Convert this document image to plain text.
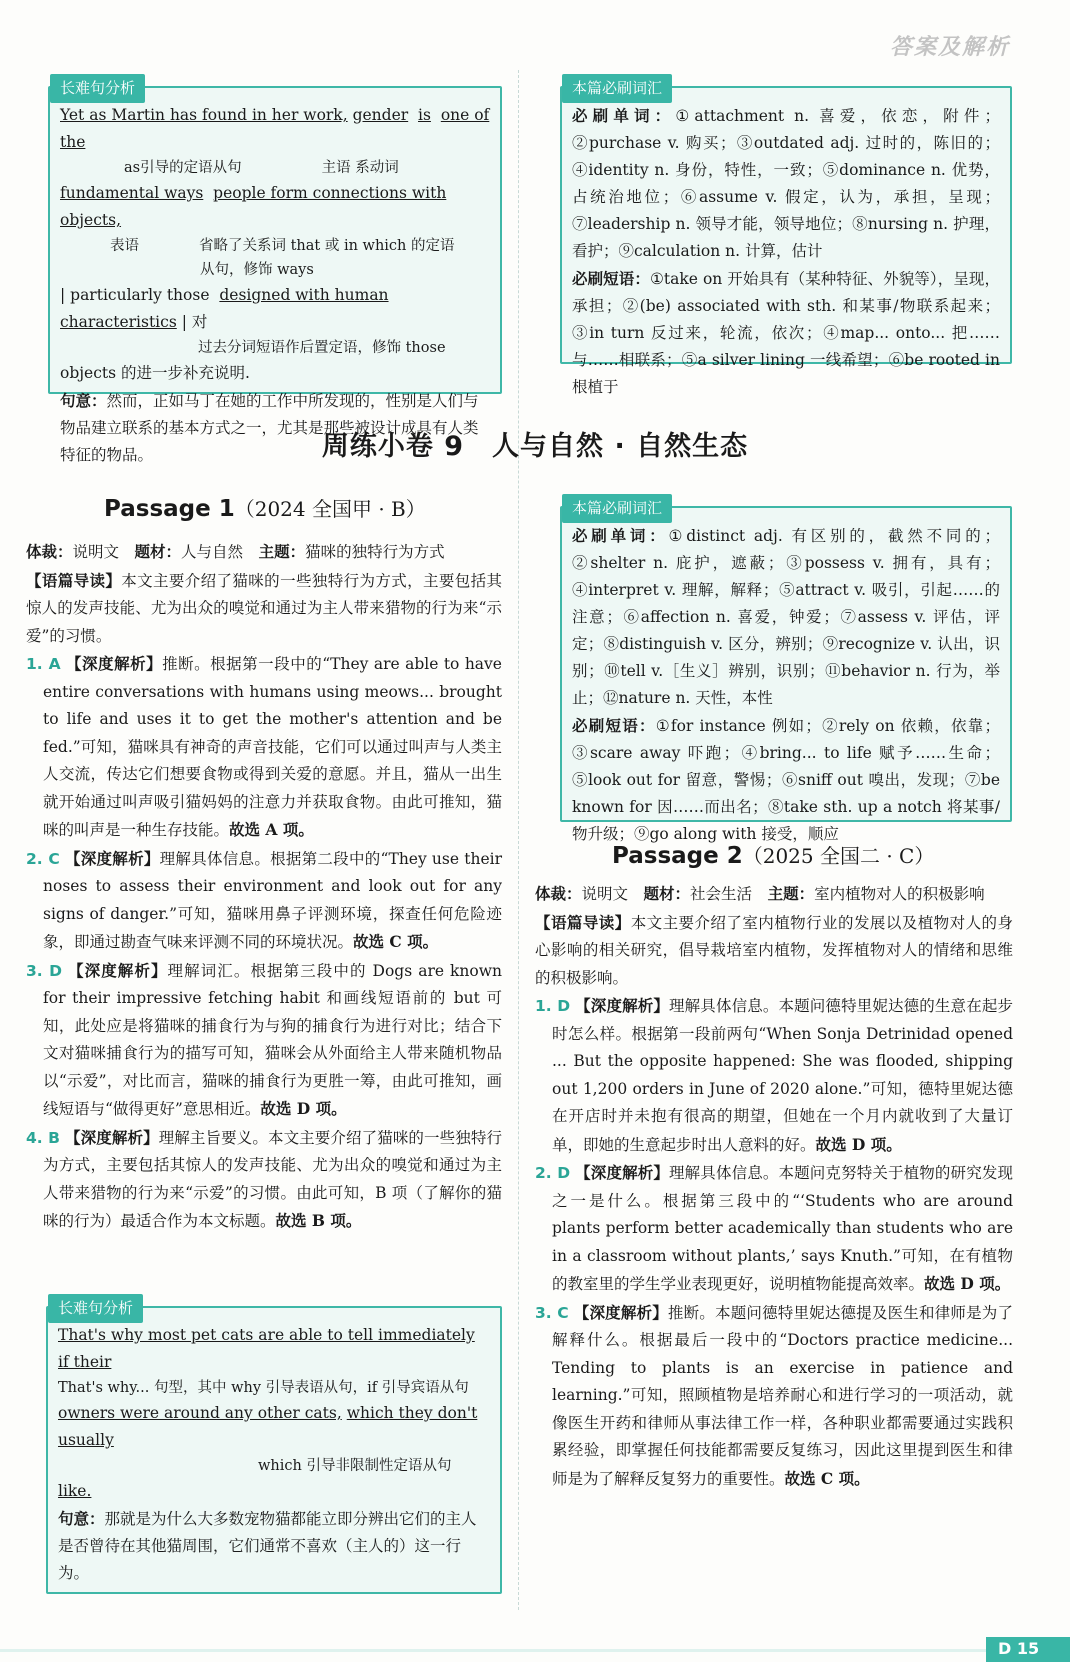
答案及解析
长难句分析

Yet as Martin has found in her work, gender is one of the

as引导的定语从句	主语 系动词

fundamental ways people form connections with objects,

表语	省略了关系词 that 或 in which 的定语

从句，修饰 ways

| particularly those designed with human characteristics | 对

过去分词短语作后置定语，修饰 those

objects 的进一步补充说明.

句意：然而，正如马丁在她的工作中所发现的，性别是人们与物品建立联系的基本方式之一，尤其是那些被设计成具有人类特征的物品。

本篇必刷词汇

必刷单词：①attachment n. 喜爱，依恋，附件；②purchase v. 购买；③outdated adj. 过时的，陈旧的；④identity n. 身份，特性，一致；⑤dominance n. 优势，占统治地位；⑥assume v. 假定，认为，承担，呈现；⑦leadership n. 领导才能，领导地位；⑧nursing n. 护理，看护；⑨calculation n. 计算，估计

必刷短语：①take on 开始具有（某种特征、外貌等），呈现，承担；②(be) associated with sth. 和某事/物联系起来；③in turn 反过来，轮流，依次；④map... onto... 把……与……相联系；⑤a silver lining 一线希望；⑥be rooted in 根植于

周练小卷 9　人与自然 · 自然生态
Passage 1（2024 全国甲 · B）

体裁：说明文　题材：人与自然　主题：猫咪的独特行为方式

【语篇导读】本文主要介绍了猫咪的一些独特行为方式，主要包括其惊人的发声技能、尤为出众的嗅觉和通过为主人带来猎物的行为来“示爱”的习惯。

1. A 【深度解析】推断。根据第一段中的“They are able to have entire conversations with humans using meows... brought to life and uses it to get the mother's attention and be fed.”可知，猫咪具有神奇的声音技能，它们可以通过叫声与人类主人交流，传达它们想要食物或得到关爱的意愿。并且，猫从一出生就开始通过叫声吸引猫妈妈的注意力并获取食物。由此可推知，猫咪的叫声是一种生存技能。故选 A 项。

2. C 【深度解析】理解具体信息。根据第二段中的“They use their noses to assess their environment and look out for any signs of danger.”可知，猫咪用鼻子评测环境，探查任何危险迹象，即通过勘查气味来评测不同的环境状况。故选 C 项。

3. D 【深度解析】理解词汇。根据第三段中的 Dogs are known for their impressive fetching habit 和画线短语前的 but 可知，此处应是将猫咪的捕食行为与狗的捕食行为进行对比；结合下文对猫咪捕食行为的描写可知，猫咪会从外面给主人带来随机物品以“示爱”，对比而言，猫咪的捕食行为更胜一筹，由此可推知，画线短语与“做得更好”意思相近。故选 D 项。

4. B 【深度解析】理解主旨要义。本文主要介绍了猫咪的一些独特行为方式，主要包括其惊人的发声技能、尤为出众的嗅觉和通过为主人带来猎物的行为来“示爱”的习惯。由此可知，B 项（了解你的猫咪的行为）最适合作为本文标题。故选 B 项。

长难句分析

That's why most pet cats are able to tell immediately if their

That's why... 句型，其中 why 引导表语从句，if 引导宾语从句

owners were around any other cats, which they don't usually

which 引导非限制性定语从句

like.

句意：那就是为什么大多数宠物猫都能立即分辨出它们的主人是否曾待在其他猫周围，它们通常不喜欢（主人的）这一行为。

本篇必刷词汇

必刷单词：①distinct adj. 有区别的，截然不同的；②shelter n. 庇护，遮蔽；③possess v. 拥有，具有；④interpret v. 理解，解释；⑤attract v. 吸引，引起……的注意；⑥affection n. 喜爱，钟爱；⑦assess v. 评估，评定；⑧distinguish v. 区分，辨别；⑨recognize v. 认出，识别；⑩tell v.［生义］辨别，识别；⑪behavior n. 行为，举止；⑫nature n. 天性，本性

必刷短语：①for instance 例如；②rely on 依赖，依靠；③scare away 吓跑；④bring... to life 赋予……生命；⑤look out for 留意，警惕；⑥sniff out 嗅出，发现；⑦be known for 因……而出名；⑧take sth. up a notch 将某事/物升级；⑨go along with 接受，顺应

Passage 2（2025 全国二 · C）

体裁：说明文　题材：社会生活　主题：室内植物对人的积极影响

【语篇导读】本文主要介绍了室内植物行业的发展以及植物对人的身心影响的相关研究，倡导栽培室内植物，发挥植物对人的情绪和思维的积极影响。

1. D 【深度解析】理解具体信息。本题问德特里妮达德的生意在起步时怎么样。根据第一段前两句“When Sonja Detrinidad opened ... But the opposite happened: She was flooded, shipping out 1,200 orders in June of 2020 alone.”可知，德特里妮达德在开店时并未抱有很高的期望，但她在一个月内就收到了大量订单，即她的生意起步时出人意料的好。故选 D 项。

2. D 【深度解析】理解具体信息。本题问克努特关于植物的研究发现之一是什么。根据第三段中的“‘Students who are around plants perform better academically than students who are in a classroom without plants,’ says Knuth.”可知，在有植物的教室里的学生学业表现更好，说明植物能提高效率。故选 D 项。

3. C 【深度解析】推断。本题问德特里妮达德提及医生和律师是为了解释什么。根据最后一段中的“Doctors practice medicine... Tending to plants is an exercise in patience and learning.”可知，照顾植物是培养耐心和进行学习的一项活动，就像医生开药和律师从事法律工作一样，各种职业都需要通过实践积累经验，即掌握任何技能都需要反复练习，因此这里提到医生和律师是为了解释反复努力的重要性。故选 C 项。

D 15
